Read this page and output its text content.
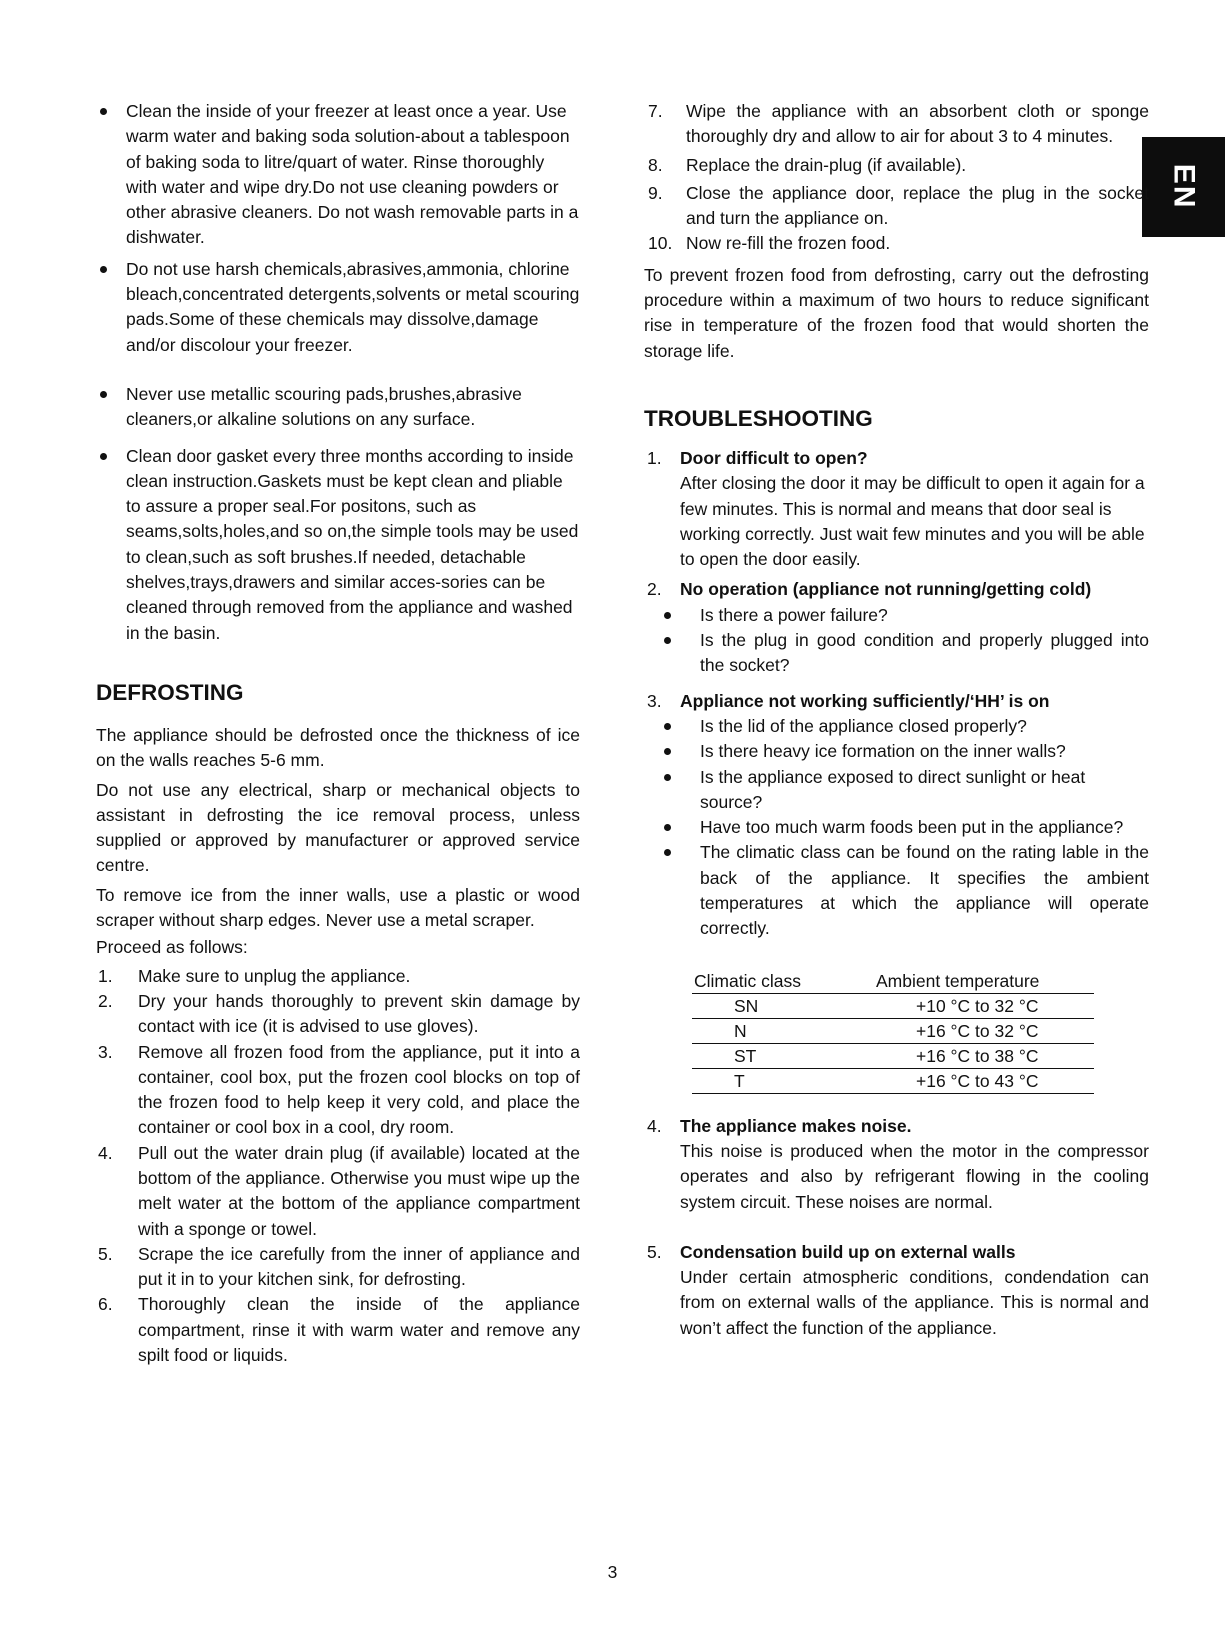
EN

Clean the inside of your freezer at least once a year. Use warm water and baking soda solution-about a tablespoon of baking soda to litre/quart of water. Rinse thoroughly with water and wipe dry.Do not use cleaning powders or other abrasive cleaners. Do not wash removable parts in a dishwater.

Do not use harsh chemicals,abrasives,ammonia, chlorine bleach,concentrated detergents,solvents or metal scouring pads.Some of these chemicals may dissolve,damage and/or discolour your freezer.

Never use metallic scouring pads,brushes,abrasive cleaners,or alkaline solutions on any surface.

Clean door gasket every three months according to inside clean instruction.Gaskets must be kept clean and pliable to assure a proper seal.For positons, such as seams,solts,holes,and so on,the simple tools may be used to clean,such as soft brushes.If needed, detachable shelves,trays,drawers and similar acces-sories can be cleaned through removed from the appliance and washed in the basin.

DEFROSTING

The appliance should be defrosted once the thickness of ice on the walls reaches 5-6 mm.

Do not use any electrical, sharp or mechanical objects to assistant in defrosting the ice removal process, unless supplied or approved by manufacturer or approved service centre.

To remove ice from the inner walls, use a plastic or wood scraper without sharp edges. Never use a metal scraper.

Proceed as follows:

1. Make sure to unplug the appliance.
2. Dry your hands thoroughly to prevent skin damage by contact with ice (it is advised to use gloves).
3. Remove all frozen food from the appliance, put it into a container, cool box, put the frozen cool blocks on top of the frozen food to help keep it very cold, and place the container or cool box in a cool, dry room.
4. Pull out the water drain plug (if available) located at the bottom of the appliance. Otherwise you must wipe up the melt water at the bottom of the appliance compartment with a sponge or towel.
5. Scrape the ice carefully from the inner of appliance and put it in to your kitchen sink, for defrosting.
6. Thoroughly clean the inside of the appliance compartment, rinse it with warm water and remove any spilt food or liquids.
7. Wipe the appliance with an absorbent cloth or sponge thoroughly dry and allow to air for about 3 to 4 minutes.
8. Replace the drain-plug (if available).
9. Close the appliance door, replace the plug in the socket and turn the appliance on.
10. Now re-fill the frozen food.

To prevent frozen food from defrosting, carry out the defrosting procedure within a maximum of two hours to reduce significant rise in temperature of the frozen food that would shorten the storage life.

TROUBLESHOOTING
1. Door difficult to open?

After closing the door it may be difficult to open it again for a few minutes. This is normal and means that door seal is working correctly. Just wait few minutes and you will be able to open the door easily.

2. No operation (appliance not running/getting cold)

Is there a power failure?

Is the plug in good condition and properly plugged into the socket?

3. Appliance not working sufficiently/‘HH’ is on

Is the lid of the appliance closed properly?

Is there heavy ice formation on the inner walls?

Is the appliance exposed to direct sunlight or heat source?

Have too much warm foods been put in the appliance?

The climatic class can be found on the rating lable in the back of the appliance. It specifies the ambient temperatures at which the appliance will operate correctly.

Climatic class	Ambient temperature
SN	+10 °C to 32 °C
N	+16 °C to 32 °C
ST	+16 °C to 38 °C
T	+16 °C to 43 °C
4. The appliance makes noise.

This noise is produced when the motor in the compressor operates and also by refrigerant flowing in the cooling system circuit. These noises are normal.

5. Condensation build up on external walls

Under certain atmospheric conditions, condendation can from on external walls of the appliance. This is normal and won’t affect the function of the appliance.

3
